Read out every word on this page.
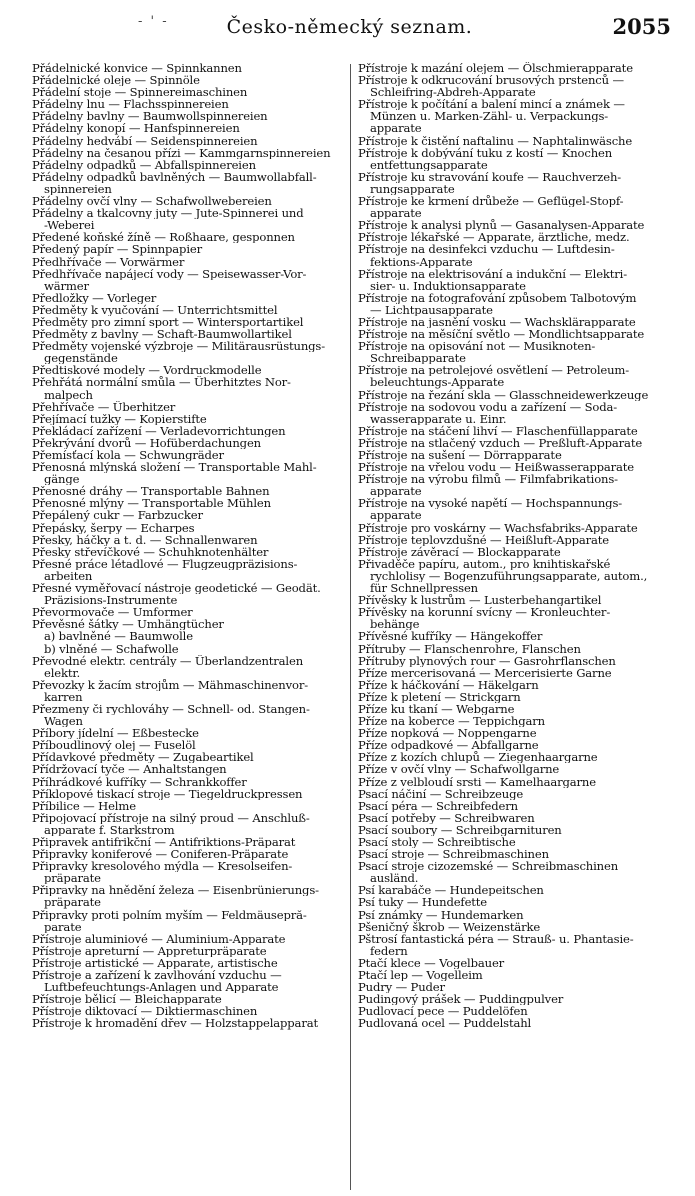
- ' -	Česko-německý seznam.	2055
Přádelnické konvice — Spinnkannen
Přádelnické oleje — Spinnöle
Přádelní stoje — Spinnereimaschinen
Přádelny lnu — Flachsspinnereien
Přádelny bavlny — Baumwollspinnereien
Přádelny konopí — Hanfspinnereien
Přádelny hedvábí — Seidenspinnereien
Přádelny na česanou přízi — Kammgarnspinnereien
Přádelny odpadků — Abfallspinnereien
Přádelny odpadků bavlněných — Baumwollabfall-
spinnereien
Přádelny ovčí vlny — Schafwollwebereien
Přádelny a tkalcovny juty — Jute-Spinnerei und
-Weberei
Předené koňské žíně — Roßhaare, gesponnen
Předený papír — Spinnpapier
Předhřívače — Vorwärmer
Předhřívače napájecí vody — Speisewasser-Vor-
wärmer
Předložky — Vorleger
Předměty k vyučování — Unterrichtsmittel
Předměty pro zimní sport — Wintersportartikel
Předměty z bavlny — Schaft-Baumwollartikel
Předměty vojenské výzbroje — Militärausrüstungs-
gegenstände
Předtiskové modely — Vordruckmodelle
Přehřátá normální smůla — Überhitztes Nor-
malpech
Přehřívače — Überhitzer
Přejímací tužky — Kopierstifte
Překládací zařízení — Verladevorrichtungen
Překrývání dvorů — Hofüberdachungen
Přemísťací kola — Schwungräder
Přenosná mlýnská složení — Transportable Mahl-
gänge
Přenosné dráhy — Transportable Bahnen
Přenosné mlýny — Transportable Mühlen
Přepálený cukr — Farbzucker
Přepásky, šerpy — Echarpes
Přesky, háčky a t. d. — Schnallenwaren
Přesky střevíčkové — Schuhknotenhälter
Přesné práce létadlové — Flugzeugpräzisions-
arbeiten
Přesné vyměřovací nástroje geodetické — Geodät.
Präzisions-Instrumente
Převormovače — Umformer
Převěsné šátky — Umhängtücher
a) bavlněné — Baumwolle
b) vlněné — Schafwolle
Převodné elektr. centrály — Überlandzentralen
elektr.
Převozky k žacím strojům — Mähmaschinenvor-
karren
Přezmeny či rychlováhy — Schnell- od. Stangen-
Wagen
Příbory jídelní — Eßbestecke
Příboudlinový olej — Fuselöl
Přídavkové předměty — Zugabeartikel
Přídržovací tyče — Anhaltstangen
Příhrádkové kufříky — Schrankkoffer
Příklopové tiskací stroje — Tiegeldruckpressen
Příbilice — Helme
Připojovací přístroje na silný proud — Anschluß-
apparate f. Starkstrom
Připravek antifrikční — Antifriktions-Präparat
Připravky koniferové — Coniferen-Präparate
Připravky kresolového mýdla — Kresolseifen-
präparate
Připravky na hnědění železa — Eisenbrünierungs-
präparate
Připravky proti polním myším — Feldmäusepră-
parate
Přístroje aluminiové — Aluminium-Apparate
Přístroje apreturní — Appreturpräparate
Přístroje artistické — Apparate, artistische
Přístroje a zařízení k zavlhování vzduchu —
Luftbefeuchtungs-Anlagen und Apparate
Přístroje bělicí — Bleichapparate
Přístroje diktovací — Diktiermaschinen
Přístroje k hromadění dřev — Holzstappelapparat
Přístroje k mazání olejem — Ölschmierapparate
Přístroje k odkrucování brusových prstenců —
Schleifring-Abdreh-Apparate
Přístroje k počítání a balení mincí a známek —
Münzen u. Marken-Zähl- u. Verpackungs-
apparate
Přístroje k čistění naftalinu — Naphtalinwäsche
Přístroje k dobývání tuku z kostí — Knochen
entfettungsapparate
Přístroje ku stravování koufe — Rauchverzeh-
rungsapparate
Přístroje ke krmení drůbeže — Geflügel-Stopf-
apparate
Přístroje k analysi plynů — Gasanalysen-Apparate
Přístroje lékařské — Apparate, ärztliche, medz.
Přístroje na desinfekci vzduchu — Luftdesin-
fektions-Apparate
Přístroje na elektrisování a indukční — Elektri-
sier- u. Induktionsapparate
Přístroje na fotografování způsobem Talbotovým
— Lichtpausapparate
Přístroje na jasnění vosku — Wachsklärapparate
Přístroje na měsíční světlo — Mondlichtsapparate
Přístroje na opisování not — Musiknoten-
Schreibapparate
Přístroje na petrolejové osvětlení — Petroleum-
beleuchtungs-Apparate
Přístroje na řezání skla — Glasschneidewerkzeuge
Přístroje na sodovou vodu a zařízení — Soda-
wasserapparate u. Einr.
Přístroje na stáčení lihví — Flaschenfüllapparate
Přístroje na stlačený vzduch — Preßluft-Apparate
Přístroje na sušení — Dörrapparate
Přístroje na vřelou vodu — Heißwasserapparate
Přístroje na výrobu filmů — Filmfabrikations-
apparate
Přístroje na vysoké napětí — Hochspannungs-
apparate
Přístroje pro voskárny — Wachsfabriks-Apparate
Přístroje teplovzdušné — Heißluft-Apparate
Přístroje závěrací — Blockapparate
Přivaděče papíru, autom., pro knihtiskařské
rychlolisy — Bogenzuführungsapparate, autom.,
für Schnellpressen
Přívěsky k lustrům — Lusterbehangartikel
Přívěsky na korunní svícny — Kronleuchter-
behänge
Přívěsné kufříky — Hängekoffer
Přítruby — Flanschenrohre, Flanschen
Přítruby plynových rour — Gasrohrflanschen
Příze mercerisovaná — Mercerisierte Garne
Příze k háčkování — Häkelgarn
Příze k pletení — Strickgarn
Příze ku tkaní — Webgarne
Příze na koberce — Teppichgarn
Příze nopková — Noppengarne
Příze odpadkové — Abfallgarne
Příze z kozích chlupů — Ziegenhaargarne
Příze v ovčí vlny — Schafwollgarne
Příze z velbloudí srsti — Kamelhaargarne
Psací náčiní — Schreibzeuge
Psací péra — Schreibfedern
Psací potřeby — Schreibwaren
Psací soubory — Schreibgarnituren
Psací stoly — Schreibtische
Psací stroje — Schreibmaschinen
Psací stroje cizozemské — Schreibmaschinen
ausländ.
Psí karabáče — Hundepeitschen
Psí tuky — Hundefette
Psí známky — Hundemarken
Pšeničný škrob — Weizenstärke
Pštrosí fantastická péra — Strauß- u. Phantasie-
federn
Ptačí klece — Vogelbauer
Ptačí lep — Vogelleim
Pudry — Puder
Pudingový prášek — Puddingpulver
Pudlovací pece — Puddelöfen
Pudlovaná ocel — Puddelstahl
